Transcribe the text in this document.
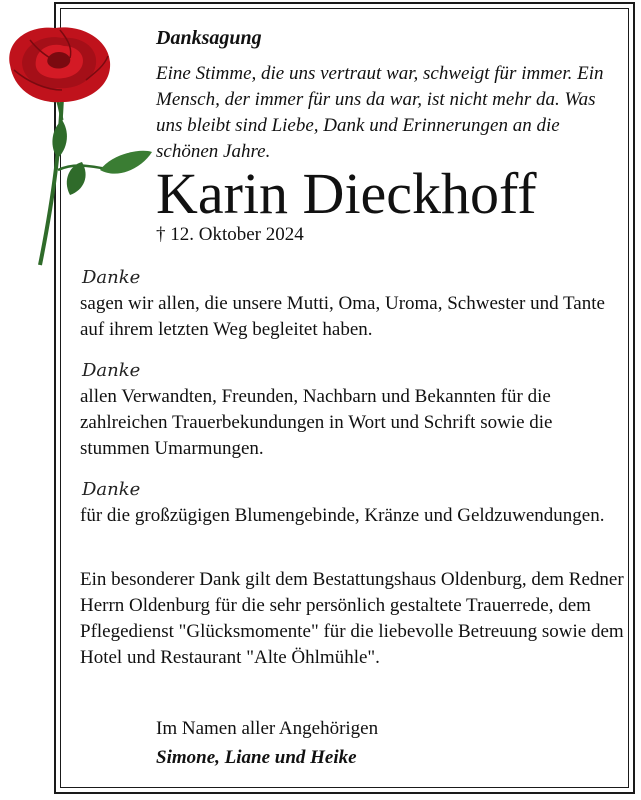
Danksagung
Eine Stimme, die uns vertraut war, schweigt für immer. Ein Mensch, der immer für uns da war, ist nicht mehr da. Was uns bleibt sind Liebe, Dank und Erinnerungen an die schönen Jahre.
Karin Dieckhoff
† 12. Oktober 2024
Danke

sagen wir allen, die unsere Mutti, Oma, Uroma, Schwester und Tante auf ihrem letzten Weg begleitet haben.

Danke

allen Verwandten, Freunden, Nachbarn und Bekannten für die zahlreichen Trauerbekundungen in Wort und Schrift sowie die stummen Umarmungen.

Danke

für die großzügigen Blumengebinde, Kränze und Geldzuwendungen.

Ein besonderer Dank gilt dem Bestattungshaus Oldenburg, dem Redner Herrn Oldenburg für die sehr persönlich gestaltete Trauerrede, dem Pflegedienst "Glücksmomente" für die liebevolle Betreuung sowie dem Hotel und Restaurant "Alte Öhlmühle".

Im Namen aller Angehörigen
Simone, Liane und Heike
